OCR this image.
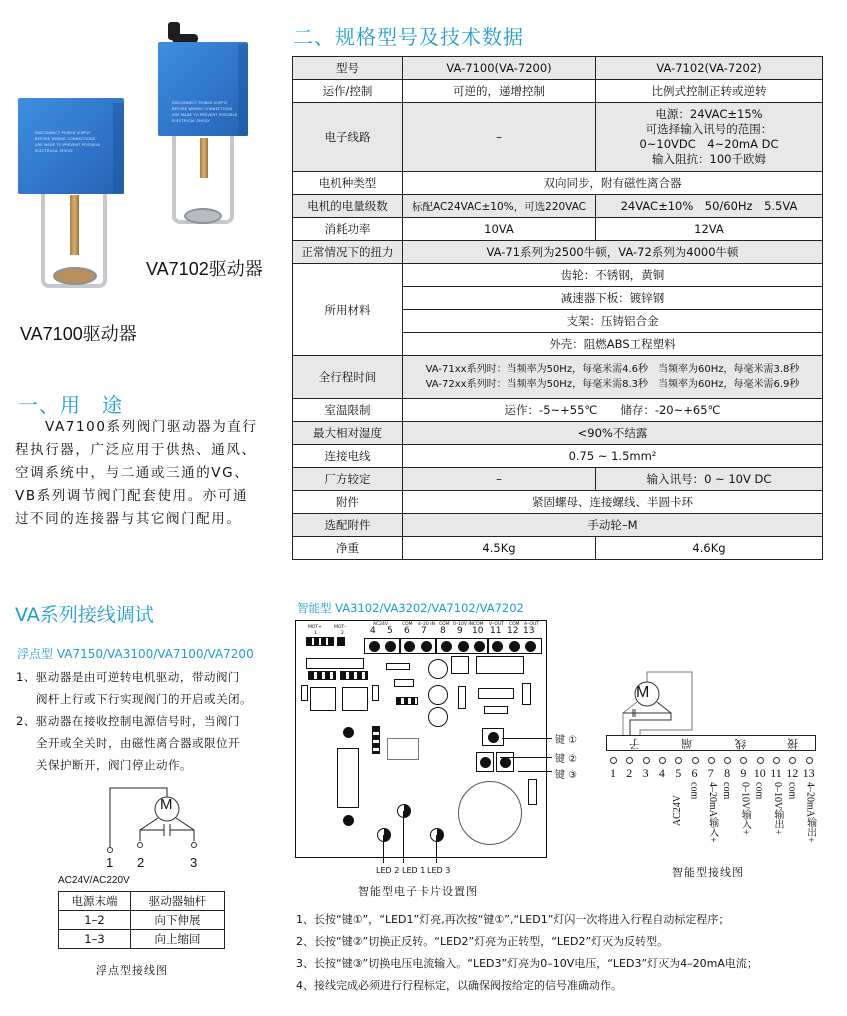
DISCONNECT POWER SUPPLY
BEFORE WIRING CONNECTIONS
ARE MADE TO PREVENT POSSIBLE
ELECTRICAL SHOCK
VA7102驱动器
DISCONNECT POWER SUPPLY
BEFORE WIRING CONNECTIONS
ARE MADE TO PREVENT POSSIBLE
ELECTRICAL SHOCK
VA7100驱动器
一、用　途
VA7100系列阀门驱动器为直行
程执行器，广泛应用于供热、通风、
空调系统中，与二通或三通的VG、
VB系列调节阀门配套使用。亦可通
过不同的连接器与其它阀门配用。
二、规格型号及技术数据
型号	VA-7100(VA-7200)	VA-7102(VA-7202)
运作/控制	可逆的，递增控制	比例式控制正转或逆转
电子线路	–	电源：24VAC±15%
可选择输入讯号的范围：
0~10VDC　4~20mA DC
输入阻抗：100千欧姆

电机种类型	双向同步，附有磁性离合器	
电机的电量级数	标配AC24VAC±10%，可选220VAC	24VAC±10%　50/60Hz　5.5VA
消耗功率	10VA	12VA
正常情况下的扭力	VA-71系列为2500牛顿，VA-72系列为4000牛顿	
所用材料	齿轮：不锈钢，黄铜	
	减速器下板：镀锌钢	
	支架：压铸铝合金	
	外壳：阻燃ABS工程塑料	
全行程时间	VA-71xx系列时：当频率为50Hz，每毫米需4.6秒　当频率为60Hz，每毫米需3.8秒
VA-72xx系列时：当频率为50Hz，每毫米需8.3秒　当频率为60Hz，每毫米需6.9秒	

室温限制	运作：-5~+55℃　　储存：-20~+65℃	
最大相对湿度	<90%不结露	
连接电线	0.75 ~ 1.5mm²	
厂方较定	–	输入讯号：0 ~ 10V DC
附件	紧固螺母、连接螺线、半圆卡环	
选配附件	手动轮–M	
净重	4.5Kg	4.6Kg
VA系列接线调试
浮点型 VA7150/VA3100/VA7100/VA7200
1、驱动器是由可逆转电机驱动，带动阀门
阀杆上行或下行实现阀门的开启或关闭。
2、驱动器在接收控制电源信号时，当阀门
全开或全关时，由磁性离合器或限位开
关保护断开，阀门停止动作。
M
1 2	3
AC24V/AC220V
电源末端	驱动器轴杆
1–2	向下伸展
1–3	向上缩回
浮点型接线图
智能型 VA3102/VA3202/VA7102/VA7202
MOT+	MOT–
1	2
AC24V	COM 4–20 IN COM 0–10V IN COM V–OUT COM A–OUT
4 5 6 7 8 9 10 11 12 13
LED 2 LED 1 LED 3
智能型电子卡片设置图
键 ①
键 ②
键 ③
M
子	端	线	接
1 2 3 4 5 6 7 8 9 10 11 12 13
AC24V
com 4–20mA输入+ com 0–10V输入+ com 0–10V输出+ com 4–20mA输出+
智能型接线图
1、长按“键①”，“LED1”灯亮,再次按“键①”,“LED1”灯闪一次将进入行程自动标定程序；
2、长按“键②”切换正反转。“LED2”灯亮为正转型，“LED2”灯灭为反转型。
3、长按“键③”切换电压电流输入。“LED3”灯亮为0–10V电压，“LED3”灯灭为4–20mA电流；
4、接线完成必须进行行程标定，以确保阀按给定的信号准确动作。
